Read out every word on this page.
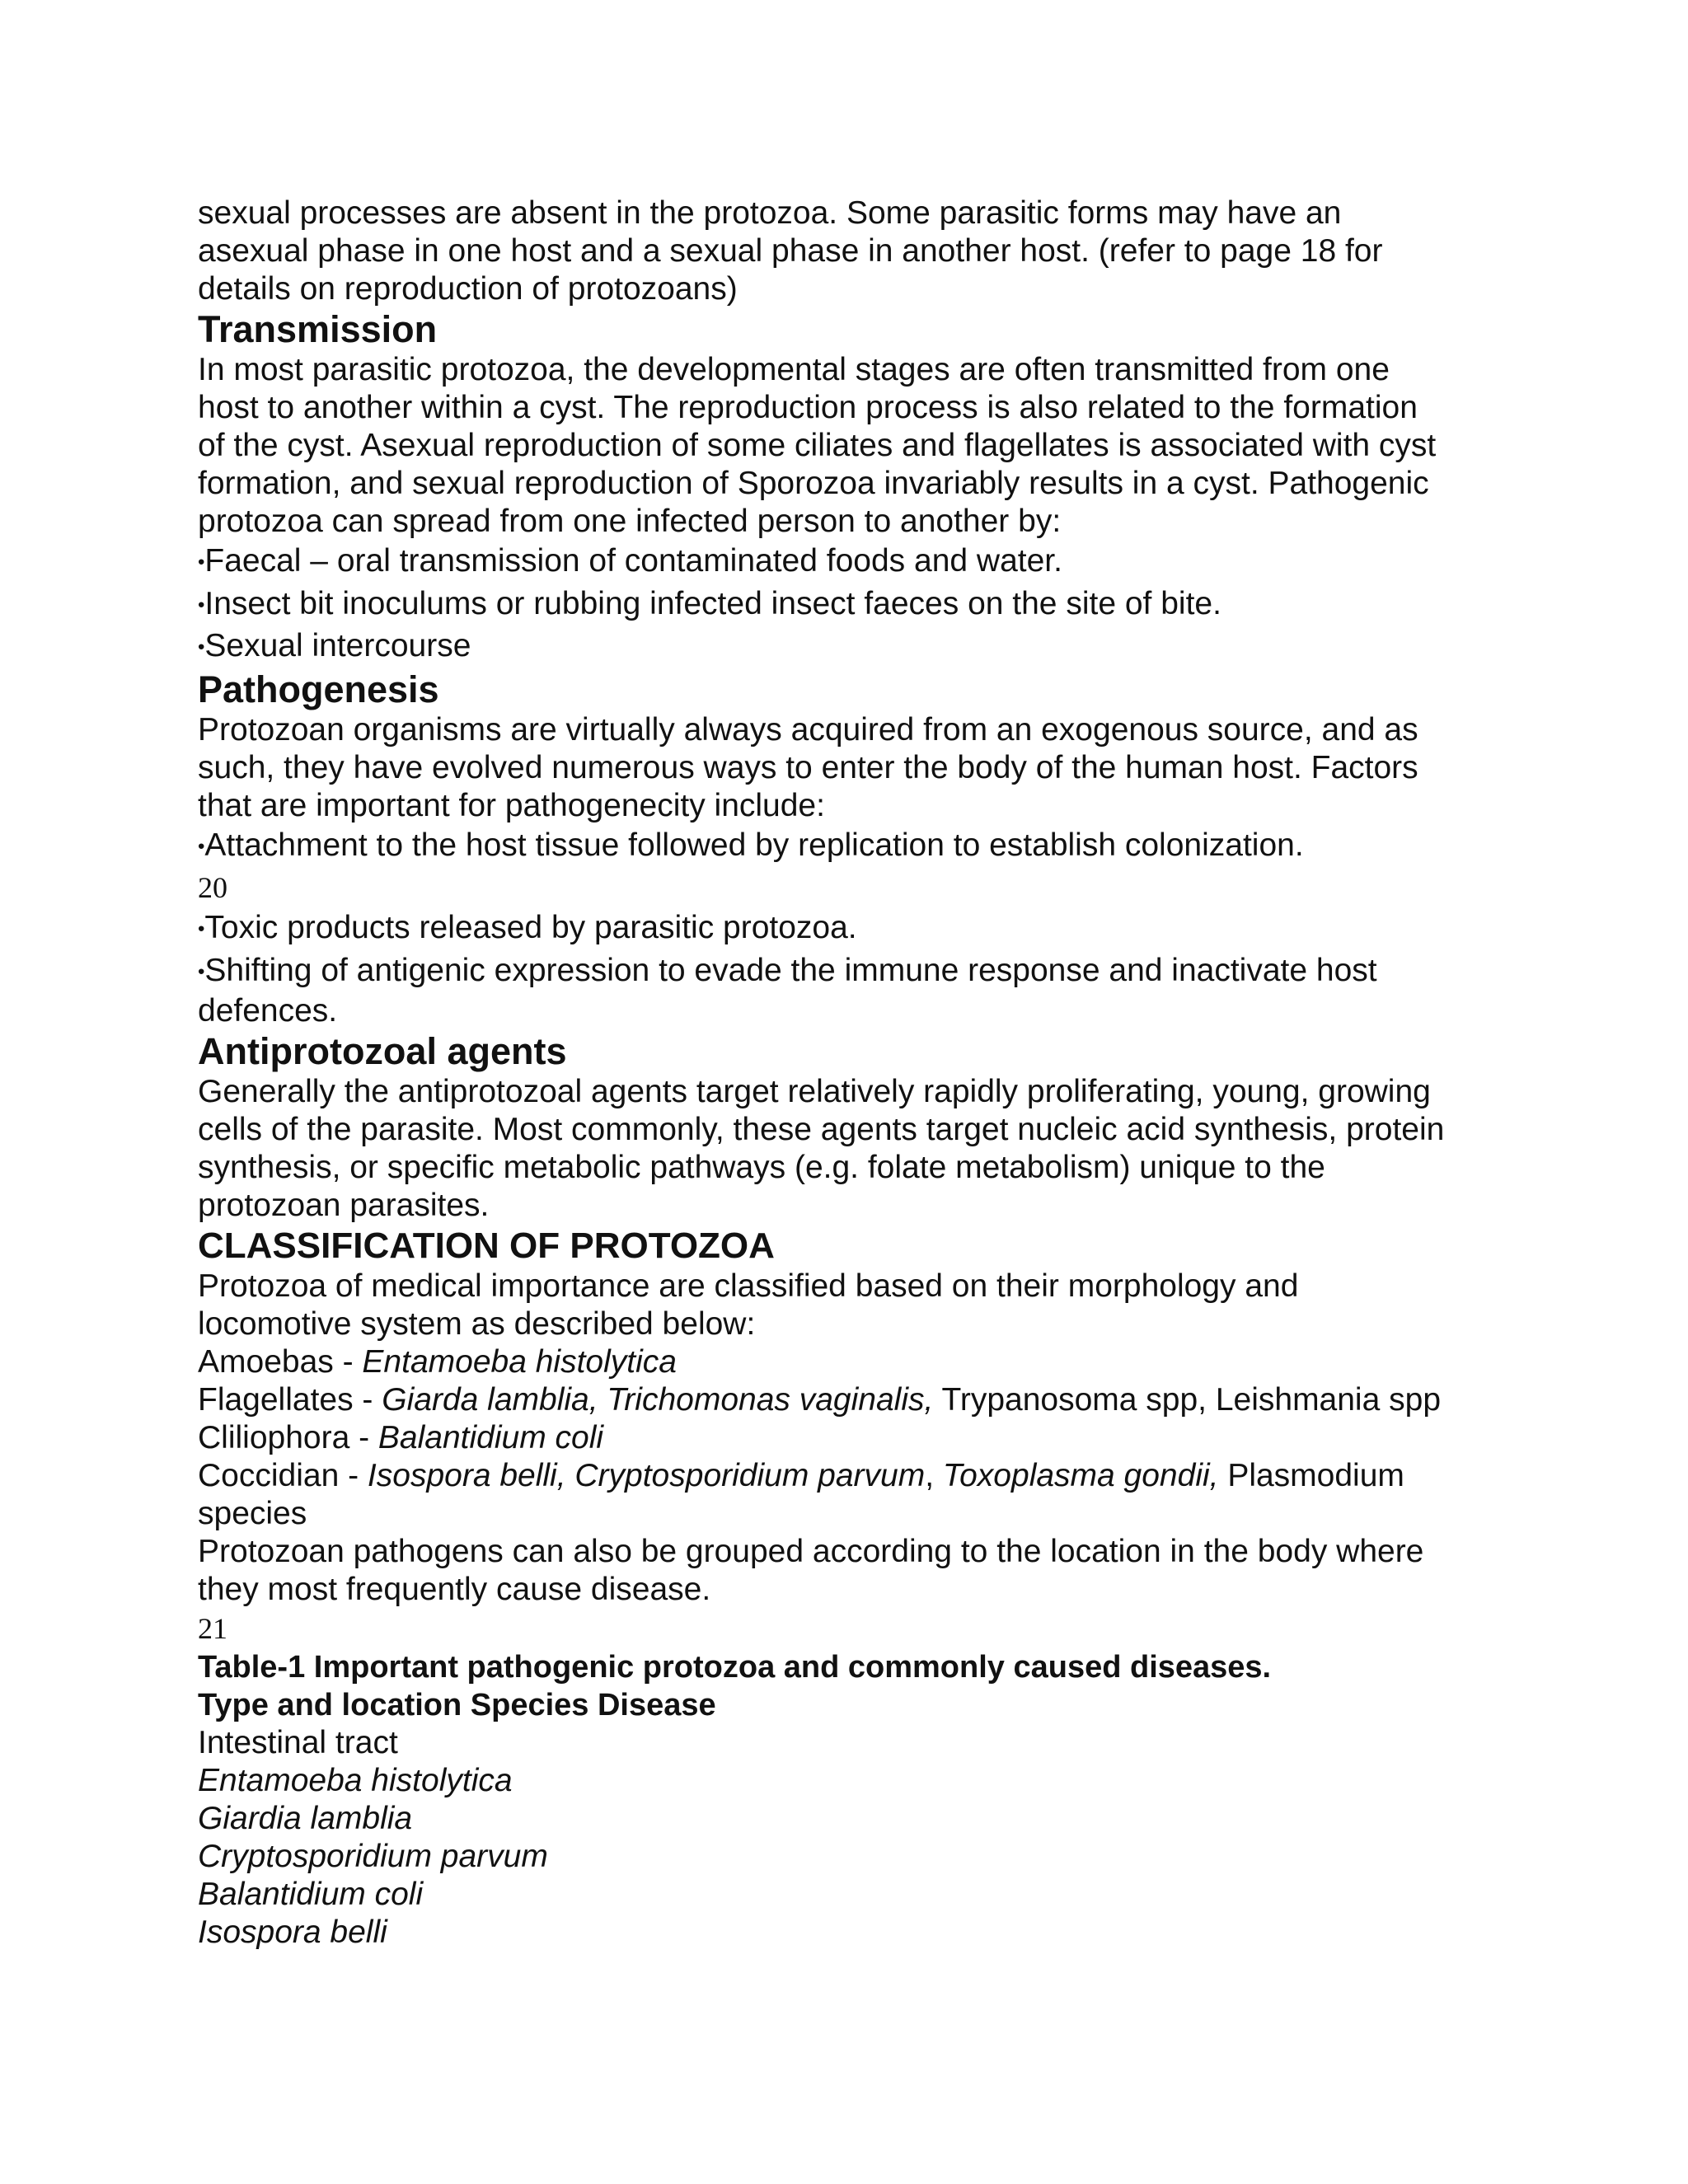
sexual processes are absent in the protozoa. Some parasitic forms may have an

asexual phase in one host and a sexual phase in another host. (refer to page 18 for

details on reproduction of protozoans)

Transmission

In most parasitic protozoa, the developmental stages are often transmitted from one

host to another within a cyst. The reproduction process is also related to the formation

of the cyst. Asexual reproduction of some ciliates and flagellates is associated with cyst

formation, and sexual reproduction of Sporozoa invariably results in a cyst. Pathogenic

protozoa can spread from one infected person to another by:

•Faecal – oral transmission of contaminated foods and water.

•Insect bit inoculums or rubbing infected insect faeces on the site of bite.

•Sexual intercourse

Pathogenesis

Protozoan organisms are virtually always acquired from an exogenous source, and as

such, they have evolved numerous ways to enter the body of the human host. Factors

that are important for pathogenecity include:

•Attachment to the host tissue followed by replication to establish colonization.

20

•Toxic products released by parasitic protozoa.

•Shifting of antigenic expression to evade the immune response and inactivate host

defences.

Antiprotozoal agents

Generally the antiprotozoal agents target relatively rapidly proliferating, young, growing

cells of the parasite. Most commonly, these agents target nucleic acid synthesis, protein

synthesis, or specific metabolic pathways (e.g. folate metabolism) unique to the

protozoan parasites.

CLASSIFICATION OF PROTOZOA

Protozoa of medical importance are classified based on their morphology and

locomotive system as described below:

Amoebas - Entamoeba histolytica

Flagellates - Giarda lamblia, Trichomonas vaginalis, Trypanosoma spp, Leishmania spp

Cliliophora - Balantidium coli

Coccidian - Isospora belli, Cryptosporidium parvum, Toxoplasma gondii, Plasmodium

species

Protozoan pathogens can also be grouped according to the location in the body where

they most frequently cause disease.

21

Table-1 Important pathogenic protozoa and commonly caused diseases.

Type and location Species Disease

Intestinal tract

Entamoeba histolytica

Giardia lamblia

Cryptosporidium parvum

Balantidium coli

Isospora belli
